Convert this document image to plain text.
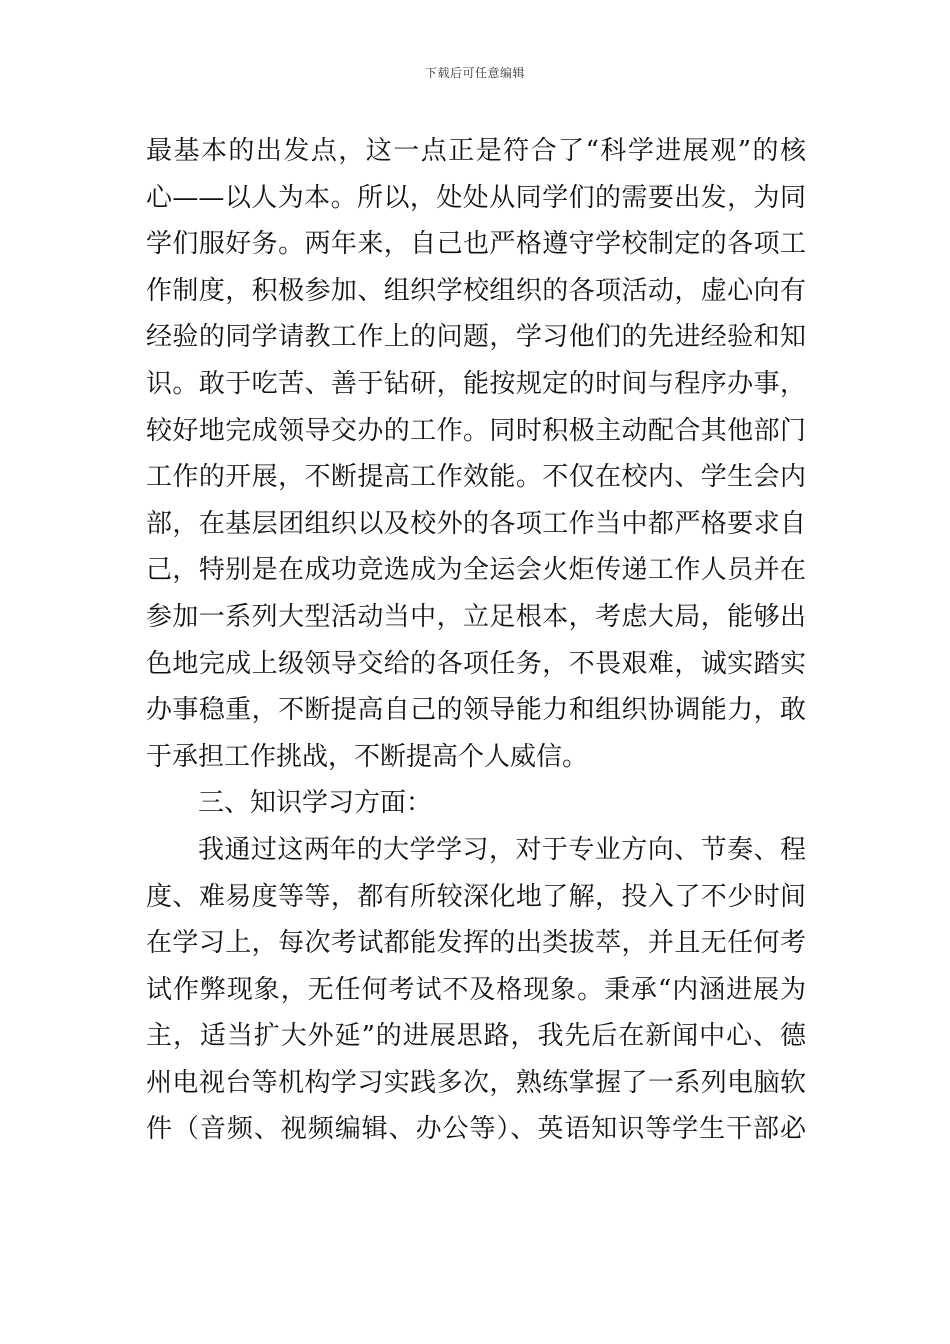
下载后可任意编辑
最基本的出发点，这一点正是符合了“科学进展观”的核
心——以人为本。所以，处处从同学们的需要出发，为同
学们服好务。两年来，自己也严格遵守学校制定的各项工
作制度，积极参加、组织学校组织的各项活动，虚心向有
经验的同学请教工作上的问题，学习他们的先进经验和知
识。敢于吃苦、善于钻研，能按规定的时间与程序办事，
较好地完成领导交办的工作。同时积极主动配合其他部门
工作的开展，不断提高工作效能。不仅在校内、学生会内
部，在基层团组织以及校外的各项工作当中都严格要求自
己，特别是在成功竞选成为全运会火炬传递工作人员并在
参加一系列大型活动当中，立足根本，考虑大局，能够出
色地完成上级领导交给的各项任务，不畏艰难，诚实踏实
办事稳重，不断提高自己的领导能力和组织协调能力，敢
于承担工作挑战，不断提高个人威信。
三、知识学习方面：
我通过这两年的大学学习，对于专业方向、节奏、程
度、难易度等等，都有所较深化地了解，投入了不少时间
在学习上，每次考试都能发挥的出类拔萃，并且无任何考
试作弊现象，无任何考试不及格现象。秉承“内涵进展为
主，适当扩大外延”的进展思路，我先后在新闻中心、德
州电视台等机构学习实践多次，熟练掌握了一系列电脑软
件（音频、视频编辑、办公等）、英语知识等学生干部必
